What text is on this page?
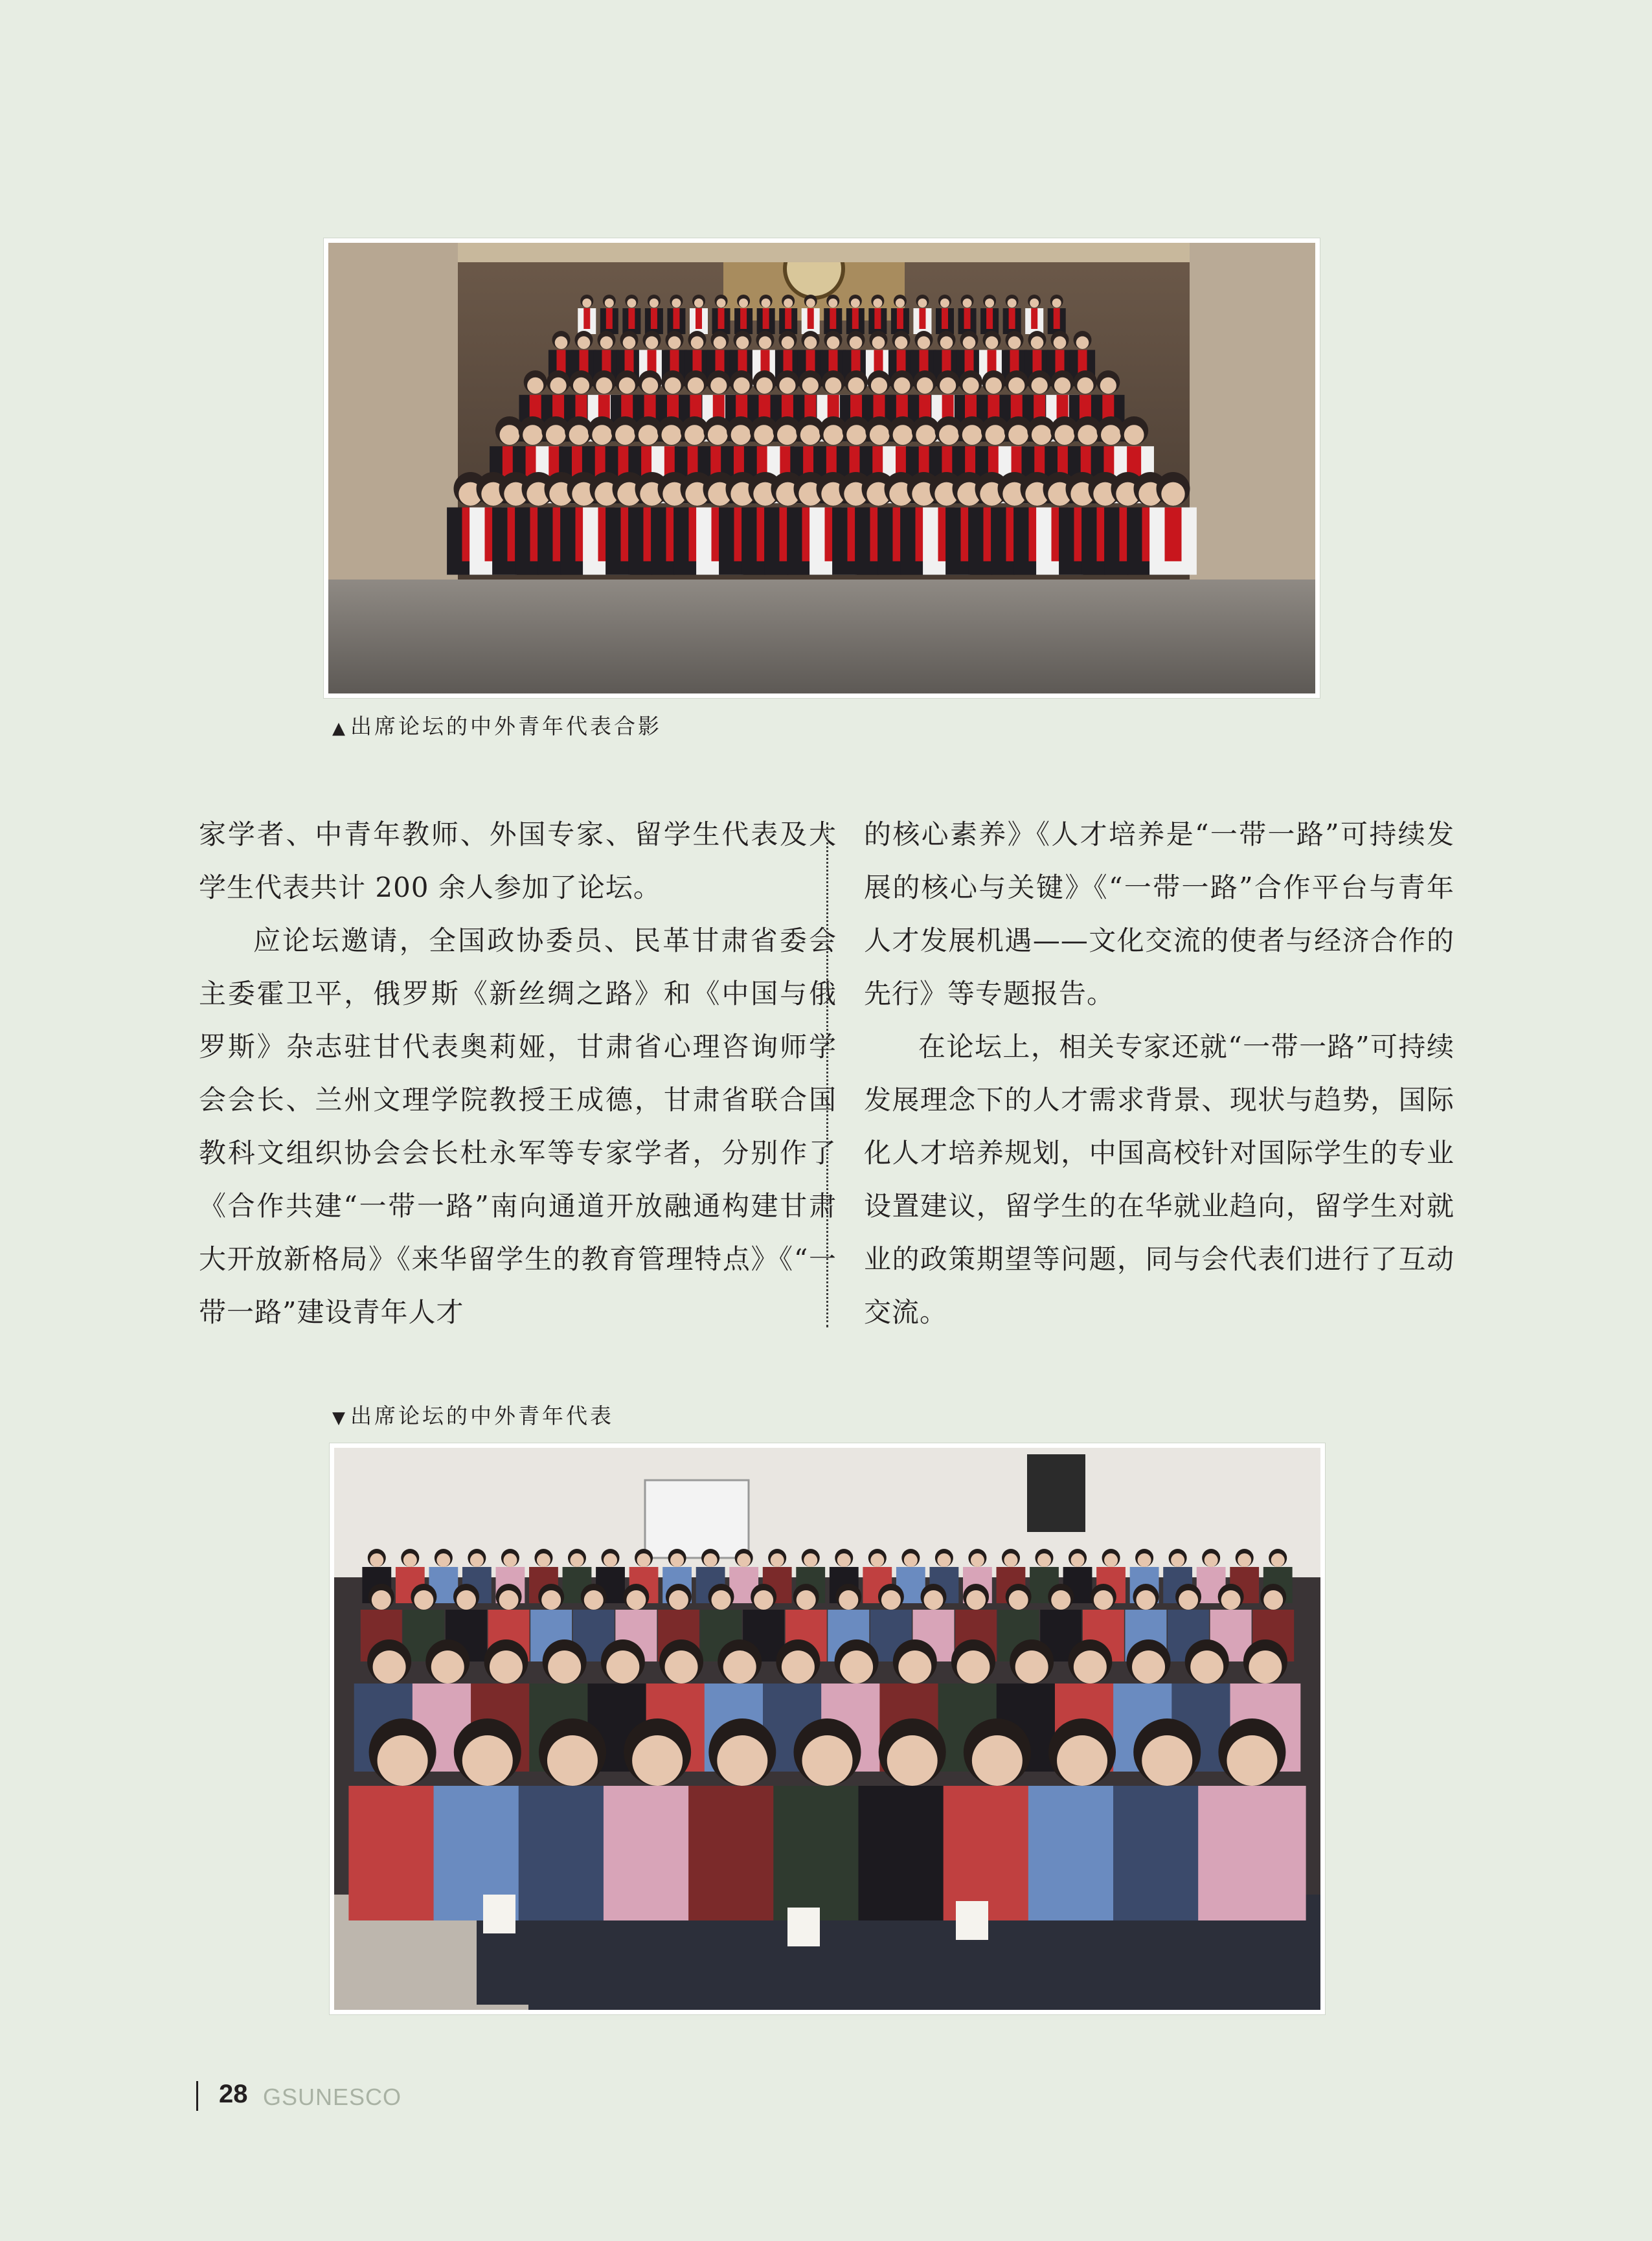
▲ 出席论坛的中外青年代表合影

家学者、中青年教师、外国专家、留学生代表及大学生代表共计 200 余人参加了论坛。

应论坛邀请，全国政协委员、民革甘肃省委会主委霍卫平，俄罗斯《新丝绸之路》和《中国与俄罗斯》杂志驻甘代表奥莉娅，甘肃省心理咨询师学会会长、兰州文理学院教授王成德，甘肃省联合国教科文组织协会会长杜永军等专家学者，分别作了《合作共建“一带一路”南向通道开放融通构建甘肃大开放新格局》《来华留学生的教育管理特点》《“一带一路”建设青年人才

的核心素养》《人才培养是“一带一路”可持续发展的核心与关键》《“一带一路”合作平台与青年人才发展机遇——文化交流的使者与经济合作的先行》等专题报告。

在论坛上，相关专家还就“一带一路”可持续发展理念下的人才需求背景、现状与趋势，国际化人才培养规划，中国高校针对国际学生的专业设置建议，留学生的在华就业趋向，留学生对就业的政策期望等问题，同与会代表们进行了互动交流。

▼ 出席论坛的中外青年代表
28 GSUNESCO
